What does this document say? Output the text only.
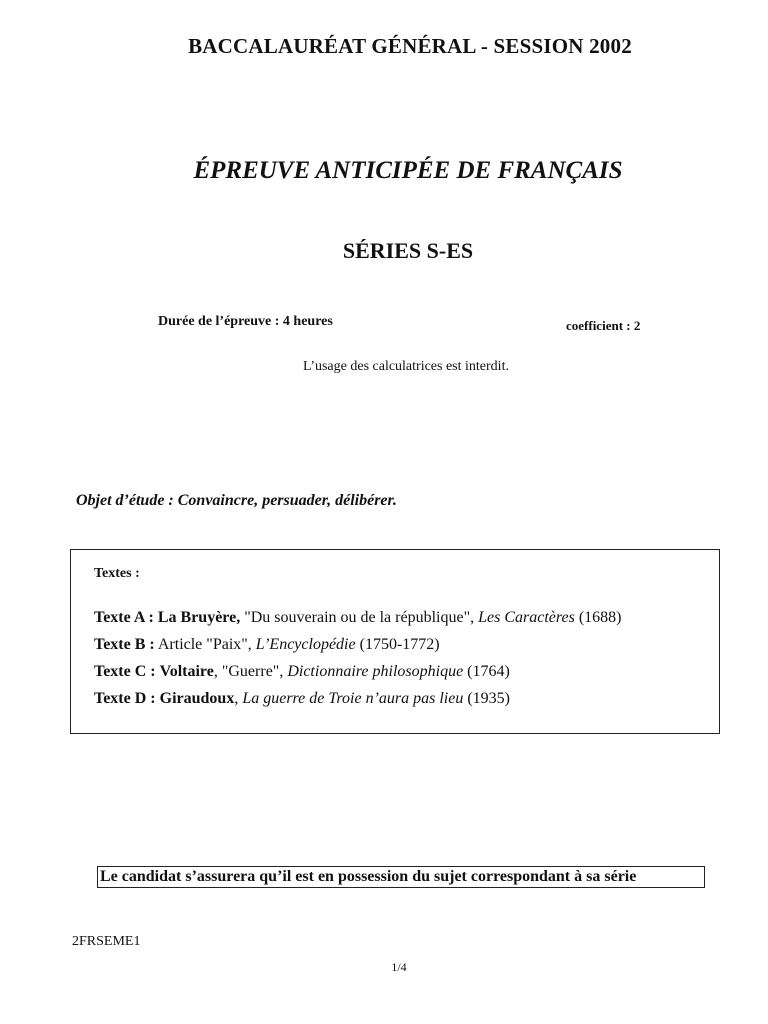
BACCALAURÉAT GÉNÉRAL - SESSION 2002
ÉPREUVE ANTICIPÉE DE FRANÇAIS
SÉRIES S-ES
Durée de l’épreuve : 4 heures	coefficient : 2
L’usage des calculatrices est interdit.
Objet d’étude : Convaincre, persuader, délibérer.
Textes :
Texte A : La Bruyère, "Du souverain ou de la république", Les Caractères (1688)
Texte B : Article "Paix", L’Encyclopédie (1750-1772)
Texte C : Voltaire, "Guerre", Dictionnaire philosophique (1764)
Texte D : Giraudoux, La guerre de Troie n’aura pas lieu (1935)
Le candidat s’assurera qu’il est en possession du sujet correspondant à sa série
2FRSEME1
1/4
